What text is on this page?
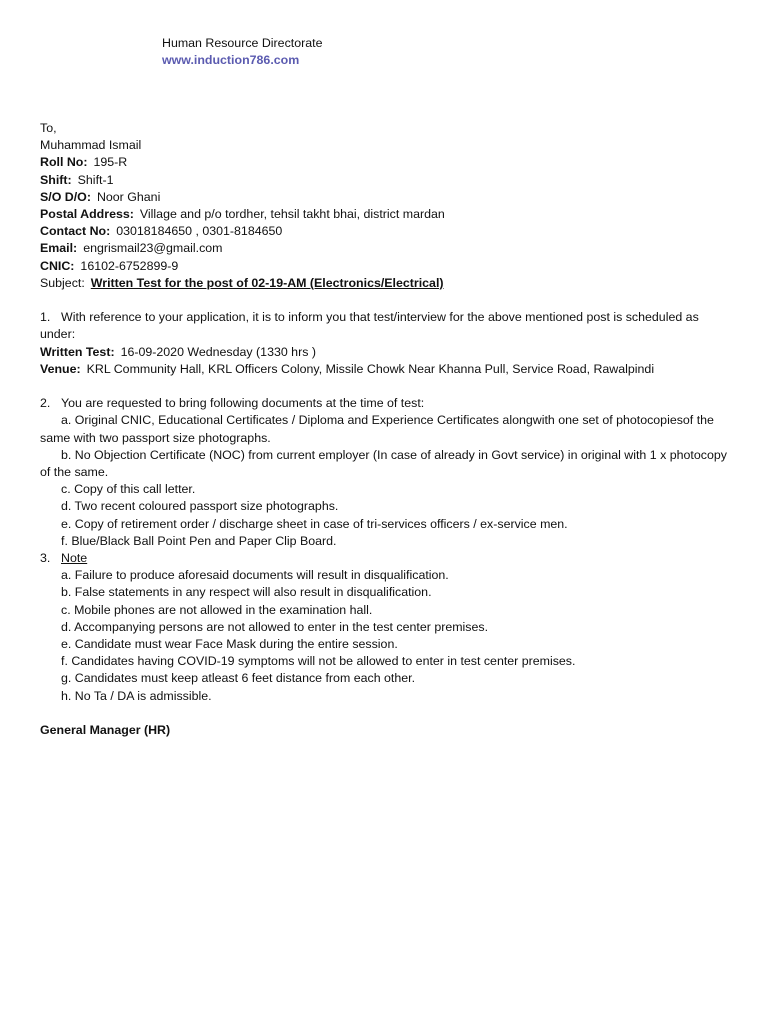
Human Resource Directorate
www.induction786.com
To,
Muhammad Ismail
Roll No: 195-R
Shift: Shift-1
S/O D/O: Noor Ghani
Postal Address: Village and p/o tordher, tehsil takht bhai, district mardan
Contact No: 03018184650 , 0301-8184650
Email: engrismail23@gmail.com
CNIC: 16102-6752899-9
Subject: Written Test for the post of 02-19-AM (Electronics/Electrical)
1. With reference to your application, it is to inform you that test/interview for the above mentioned post is scheduled as under:
Written Test: 16-09-2020 Wednesday (1330 hrs )
Venue: KRL Community Hall, KRL Officers Colony, Missile Chowk Near Khanna Pull, Service Road, Rawalpindi
2. You are requested to bring following documents at the time of test:
a. Original CNIC, Educational Certificates / Diploma and Experience Certificates alongwith one set of photocopiesof the same with two passport size photographs.
b. No Objection Certificate (NOC) from current employer (In case of already in Govt service) in original with 1 x photocopy of the same.
c. Copy of this call letter.
d. Two recent coloured passport size photographs.
e. Copy of retirement order / discharge sheet in case of tri-services officers / ex-service men.
f. Blue/Black Ball Point Pen and Paper Clip Board.
3. Note
a. Failure to produce aforesaid documents will result in disqualification.
b. False statements in any respect will also result in disqualification.
c. Mobile phones are not allowed in the examination hall.
d. Accompanying persons are not allowed to enter in the test center premises.
e. Candidate must wear Face Mask during the entire session.
f. Candidates having COVID-19 symptoms will not be allowed to enter in test center premises.
g. Candidates must keep atleast 6 feet distance from each other.
h. No Ta / DA is admissible.
General Manager (HR)
